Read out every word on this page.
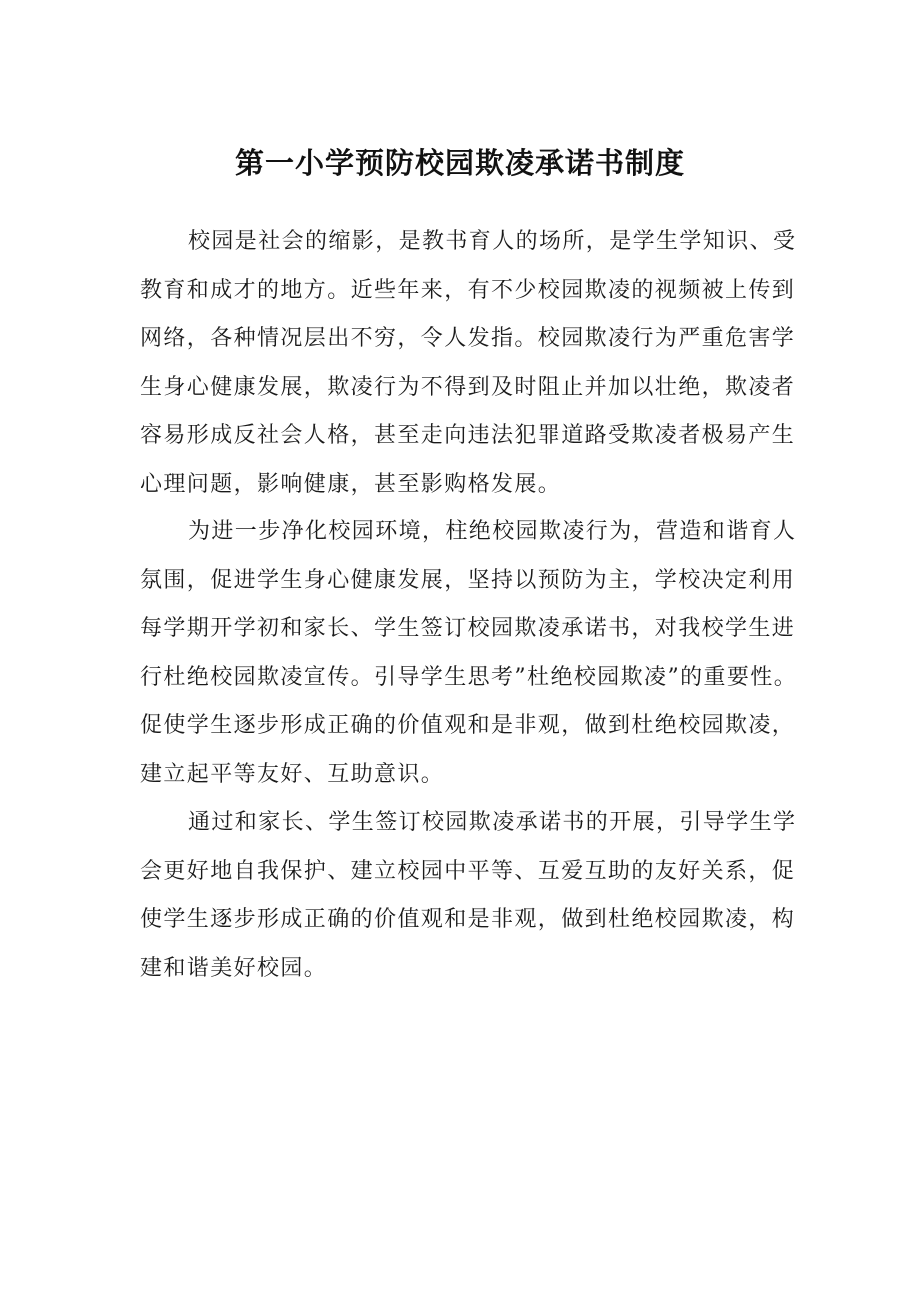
第一小学预防校园欺凌承诺书制度
校园是社会的缩影，是教书育人的场所，是学生学知识、受
教育和成才的地方。近些年来，有不少校园欺凌的视频被上传到
网络，各种情况层出不穷，令人发指。校园欺凌行为严重危害学
生身心健康发展，欺凌行为不得到及时阻止并加以壮绝，欺凌者
容易形成反社会人格，甚至走向违法犯罪道路受欺凌者极易产生
心理问题，影响健康，甚至影购格发展。
为进一步净化校园环境，柱绝校园欺凌行为，营造和谐育人
氛围，促进学生身心健康发展，坚持以预防为主，学校决定利用
每学期开学初和家长、学生签订校园欺凌承诺书，对我校学生进
行杜绝校园欺凌宣传。引导学生思考”杜绝校园欺凌”的重要性。
促使学生逐步形成正确的价值观和是非观，做到杜绝校园欺凌，
建立起平等友好、互助意识。
通过和家长、学生签订校园欺凌承诺书的开展，引导学生学
会更好地自我保护、建立校园中平等、互爱互助的友好关系，促
使学生逐步形成正确的价值观和是非观，做到杜绝校园欺凌，构
建和谐美好校园。
